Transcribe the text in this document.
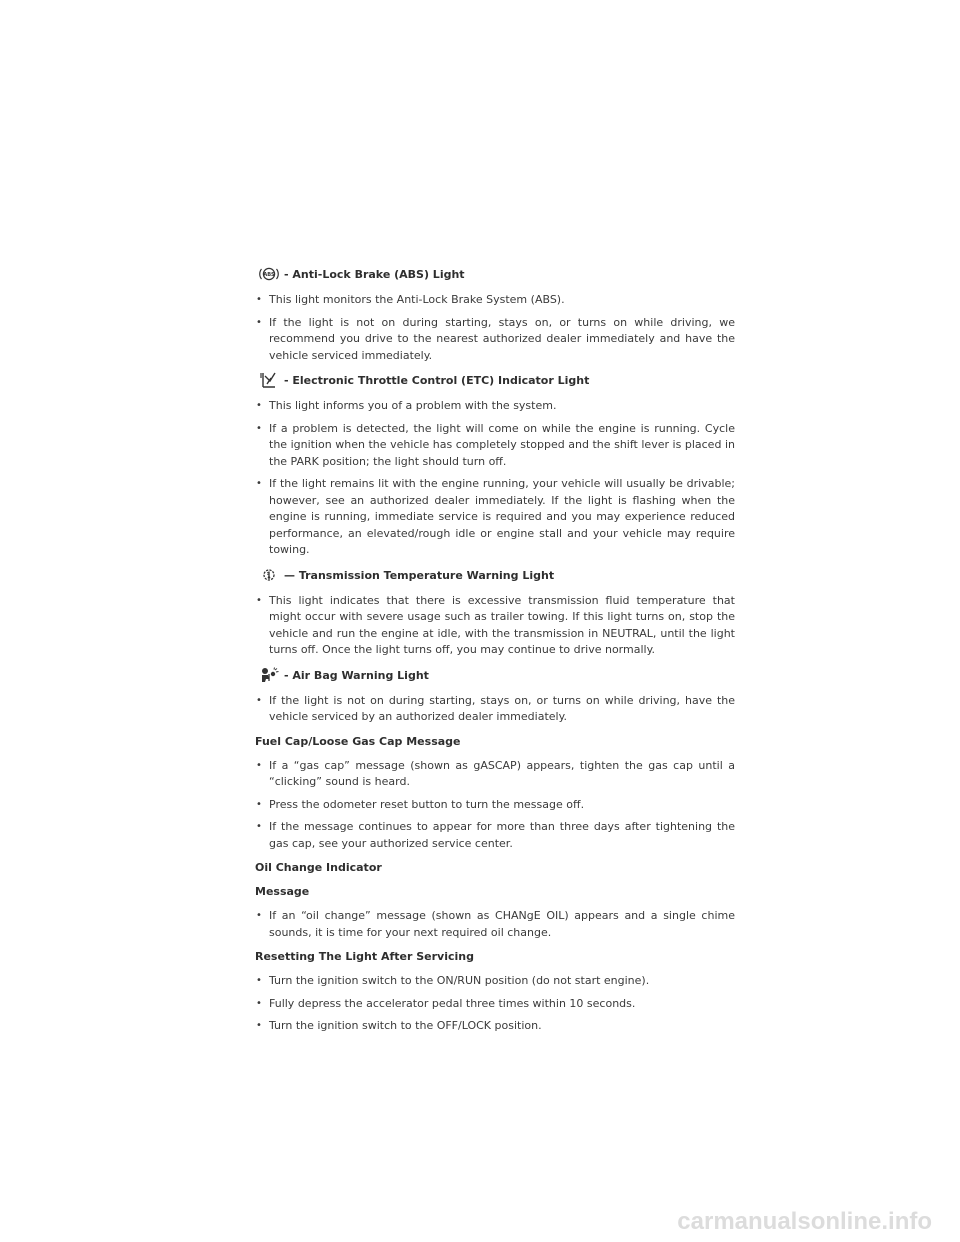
ABS - Anti-Lock Brake (ABS) Light
• This light monitors the Anti-Lock Brake System (ABS).
• If the light is not on during starting, stays on, or turns on while driving, we recommend you drive to the nearest authorized dealer immediately and have the vehicle serviced immediately.
- Electronic Throttle Control (ETC) Indicator Light
• This light informs you of a problem with the system.
• If a problem is detected, the light will come on while the engine is running. Cycle the ignition when the vehicle has completely stopped and the shift lever is placed in the PARK position; the light should turn off.
• If the light remains lit with the engine running, your vehicle will usually be drivable; however, see an authorized dealer immediately. If the light is flashing when the engine is running, immediate service is required and you may experience reduced performance, an elevated/rough idle or engine stall and your vehicle may require towing.
— Transmission Temperature Warning Light
• This light indicates that there is excessive transmission fluid temperature that might occur with severe usage such as trailer towing. If this light turns on, stop the vehicle and run the engine at idle, with the transmission in NEUTRAL, until the light turns off. Once the light turns off, you may continue to drive normally.
- Air Bag Warning Light
• If the light is not on during starting, stays on, or turns on while driving, have the vehicle serviced by an authorized dealer immediately.
Fuel Cap/Loose Gas Cap Message
• If a “gas cap” message (shown as gASCAP) appears, tighten the gas cap until a “clicking” sound is heard.
• Press the odometer reset button to turn the message off.
• If the message continues to appear for more than three days after tightening the gas cap, see your authorized service center.
Oil Change Indicator
Message
• If an “oil change” message (shown as CHANgE OIL) appears and a single chime sounds, it is time for your next required oil change.
Resetting The Light After Servicing
• Turn the ignition switch to the ON/RUN position (do not start engine).
• Fully depress the accelerator pedal three times within 10 seconds.
• Turn the ignition switch to the OFF/LOCK position.
carmanualsonline.info
